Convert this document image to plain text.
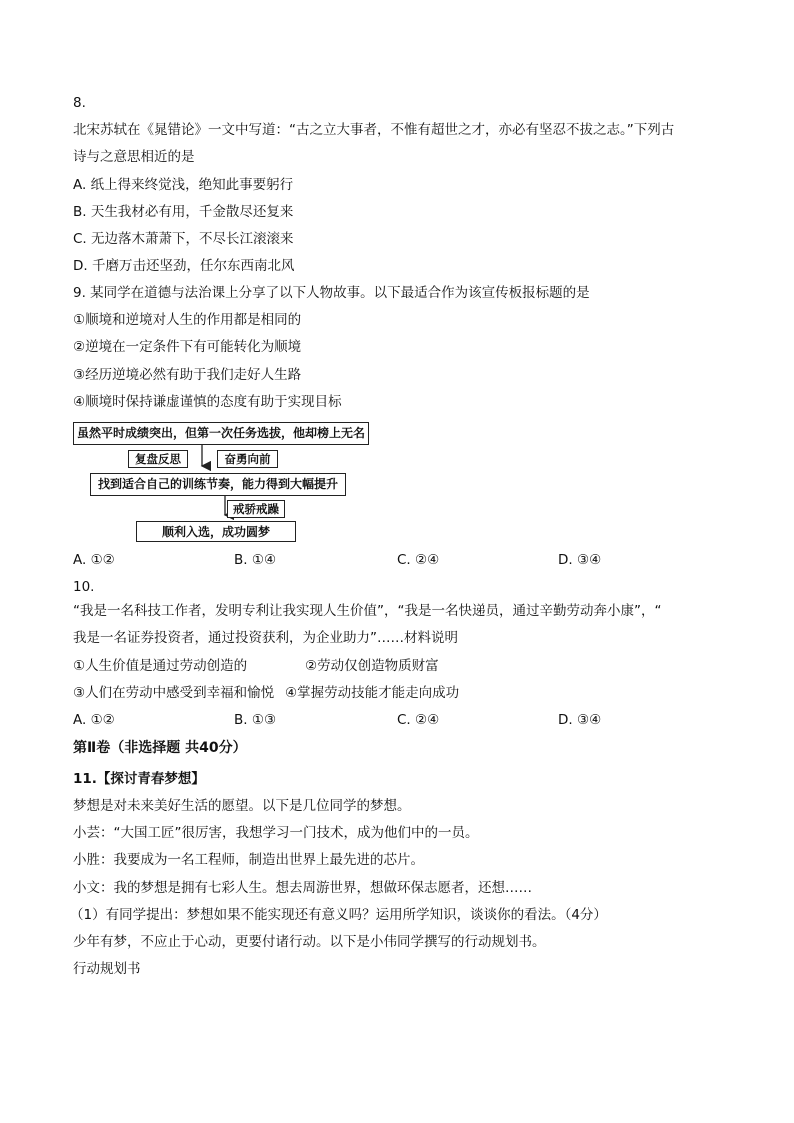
8.
北宋苏轼在《晁错论》一文中写道：“古之立大事者，不惟有超世之才，亦必有坚忍不拔之志。”下列古
诗与之意思相近的是
A. 纸上得来终觉浅，绝知此事要躬行
B. 天生我材必有用，千金散尽还复来
C. 无边落木萧萧下，不尽长江滚滚来
D. 千磨万击还坚劲，任尔东西南北风
9. 某同学在道德与法治课上分享了以下人物故事。以下最适合作为该宣传板报标题的是
①顺境和逆境对人生的作用都是相同的
②逆境在一定条件下有可能转化为顺境
③经历逆境必然有助于我们走好人生路
④顺境时保持谦虚谨慎的态度有助于实现目标
虽然平时成绩突出，但第一次任务选拔，他却榜上无名
复盘反思	奋勇向前
找到适合自己的训练节奏，能力得到大幅提升
戒骄戒躁
顺利入选，成功圆梦
A. ①②	B. ①④	C. ②④	D. ③④
10.
“我是一名科技工作者，发明专利让我实现人生价值”，“我是一名快递员，通过辛勤劳动奔小康”，“
我是一名证券投资者，通过投资获利，为企业助力”……材料说明
①人生价值是通过劳动创造的	②劳动仅创造物质财富
③人们在劳动中感受到幸福和愉悦 ④掌握劳动技能才能走向成功
A. ①②	B. ①③	C. ②④	D. ③④
第Ⅱ卷（非选择题 共40分）
11.【探讨青春梦想】
梦想是对未来美好生活的愿望。以下是几位同学的梦想。
小芸：“大国工匠”很厉害，我想学习一门技术，成为他们中的一员。
小胜：我要成为一名工程师，制造出世界上最先进的芯片。
小文：我的梦想是拥有七彩人生。想去周游世界，想做环保志愿者，还想……
（1）有同学提出：梦想如果不能实现还有意义吗？运用所学知识，谈谈你的看法。（4分）
少年有梦，不应止于心动，更要付诸行动。以下是小伟同学撰写的行动规划书。
行动规划书
